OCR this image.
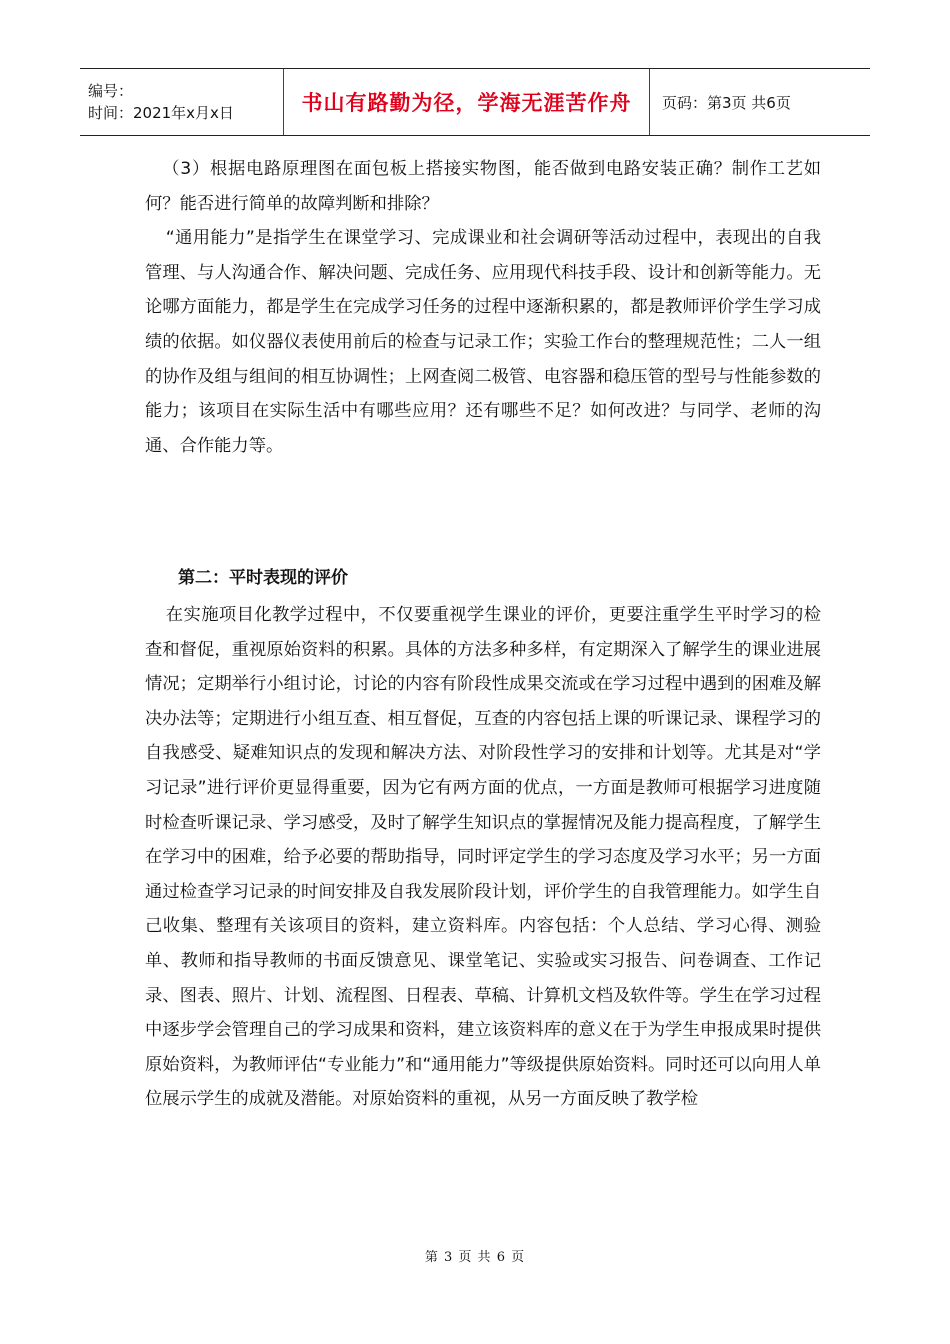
编号：
时间：2021年x月x日	书山有路勤为径，学海无涯苦作舟 页码：第3页 共6页

（3）根据电路原理图在面包板上搭接实物图，能否做到电路安装正确？制作工艺如何？能否进行简单的故障判断和排除？

“通用能力”是指学生在课堂学习、完成课业和社会调研等活动过程中，表现出的自我管理、与人沟通合作、解决问题、完成任务、应用现代科技手段、设计和创新等能力。无论哪方面能力，都是学生在完成学习任务的过程中逐渐积累的，都是教师评价学生学习成绩的依据。如仪器仪表使用前后的检查与记录工作；实验工作台的整理规范性；二人一组的协作及组与组间的相互协调性；上网查阅二极管、电容器和稳压管的型号与性能参数的能力；该项目在实际生活中有哪些应用？还有哪些不足？如何改进？与同学、老师的沟通、合作能力等。

第二：平时表现的评价

在实施项目化教学过程中，不仅要重视学生课业的评价，更要注重学生平时学习的检查和督促，重视原始资料的积累。具体的方法多种多样，有定期深入了解学生的课业进展情况；定期举行小组讨论，讨论的内容有阶段性成果交流或在学习过程中遇到的困难及解决办法等；定期进行小组互查、相互督促，互查的内容包括上课的听课记录、课程学习的自我感受、疑难知识点的发现和解决方法、对阶段性学习的安排和计划等。尤其是对“学习记录”进行评价更显得重要，因为它有两方面的优点，一方面是教师可根据学习进度随时检查听课记录、学习感受，及时了解学生知识点的掌握情况及能力提高程度，了解学生在学习中的困难，给予必要的帮助指导，同时评定学生的学习态度及学习水平；另一方面通过检查学习记录的时间安排及自我发展阶段计划，评价学生的自我管理能力。如学生自己收集、整理有关该项目的资料，建立资料库。内容包括：个人总结、学习心得、测验单、教师和指导教师的书面反馈意见、课堂笔记、实验或实习报告、问卷调查、工作记录、图表、照片、计划、流程图、日程表、草稿、计算机文档及软件等。学生在学习过程中逐步学会管理自己的学习成果和资料，建立该资料库的意义在于为学生申报成果时提供原始资料，为教师评估“专业能力”和“通用能力”等级提供原始资料。同时还可以向用人单位展示学生的成就及潜能。对原始资料的重视，从另一方面反映了教学检

第 3 页 共 6 页
